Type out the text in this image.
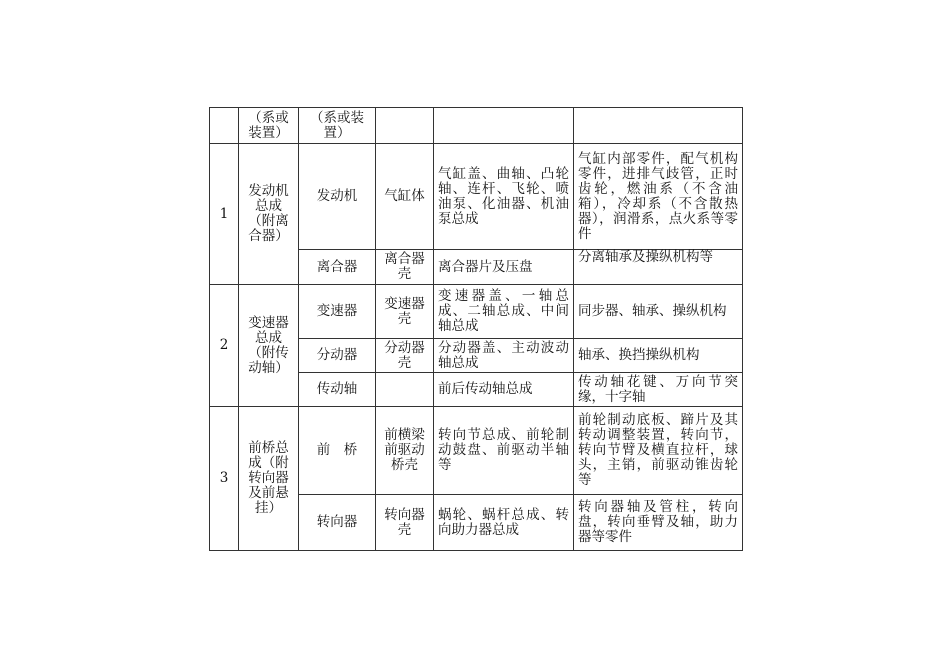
	（系或装置）	（系或装置）			
1	发动机总成（附离合器）	发动机	气缸体	气缸盖、曲轴、凸轮轴、连杆、飞轮、喷油泵、化油器、机油泵总成	气缸内部零件，配气机构零件，进排气歧管，正时齿轮，燃油系（不含油箱），冷却系（不含散热器），润滑系，点火系等零件
		离合器	离合器壳	离合器片及压盘	分离轴承及操纵机构等
2	变速器总成（附传动轴）	变速器	变速器壳	变速器盖、一轴总成、二轴总成、中间轴总成	同步器、轴承、操纵机构
		分动器	分动器壳	分动器盖、主动波动轴总成	轴承、换挡操纵机构
		传动轴		前后传动轴总成	传动轴花键、万向节突缘，十字轴
3	前桥总成（附转向器及前悬挂）	前　桥	前横梁前驱动桥壳	转向节总成、前轮制动鼓盘、前驱动半轴等	前轮制动底板、蹄片及其转动调整装置，转向节，转向节臂及横直拉杆，球头，主销，前驱动锥齿轮等
		转向器	转向器壳	蜗轮、蜗杆总成、转向助力器总成	转向器轴及管柱，转向盘，转向垂臂及轴，助力器等零件
